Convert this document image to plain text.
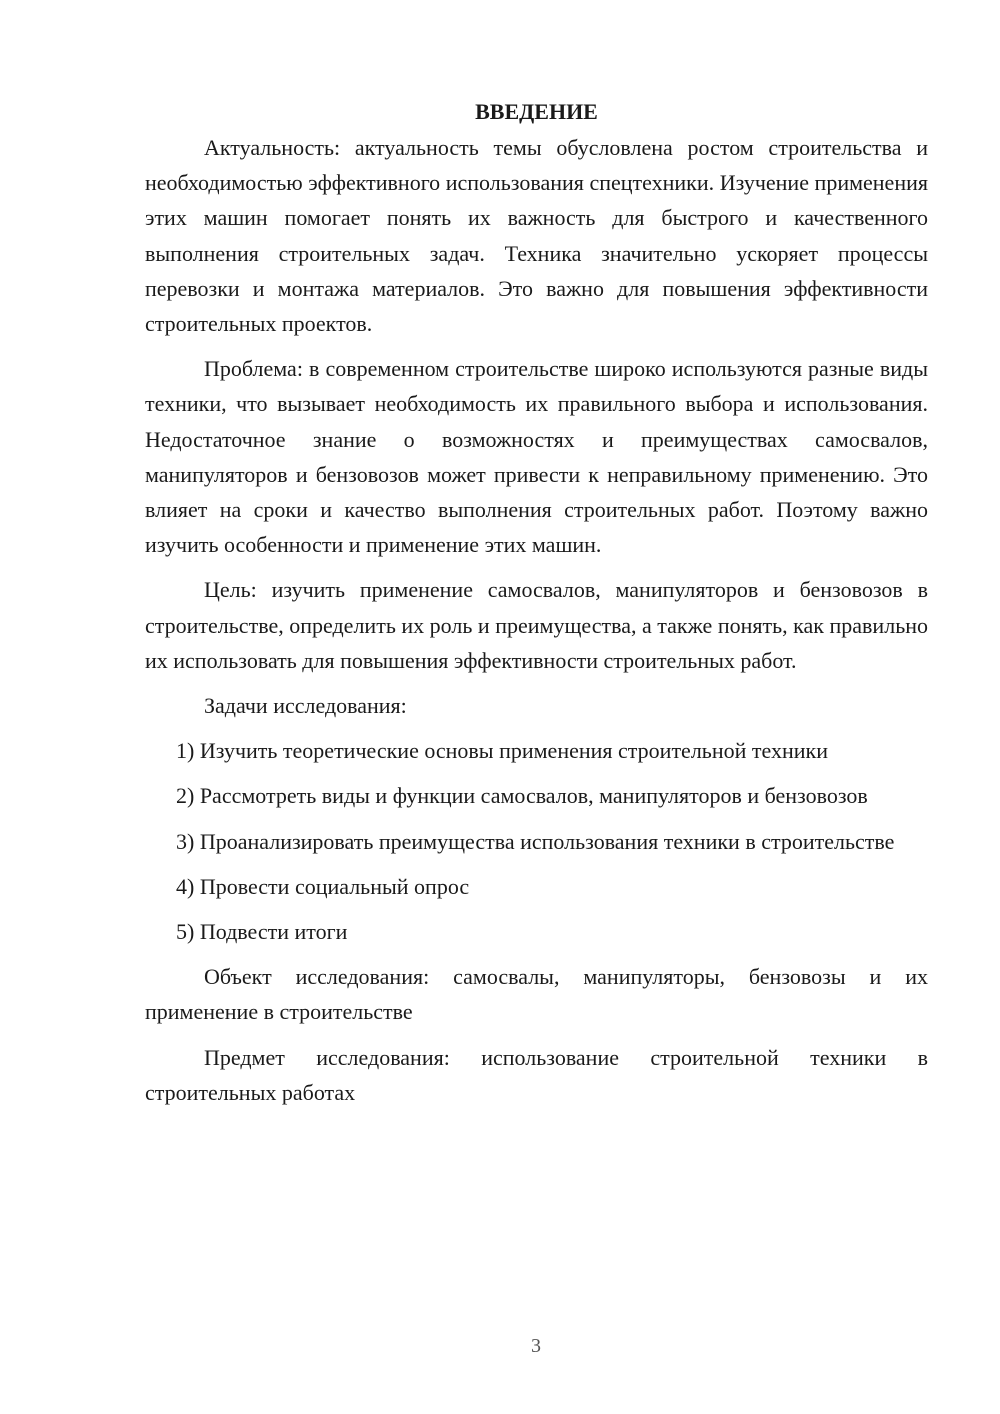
ВВЕДЕНИЕ

Актуальность: актуальность темы обусловлена ростом строительства и необходимостью эффективного использования спецтехники. Изучение применения этих машин помогает понять их важность для быстрого и качественного выполнения строительных задач. Техника значительно ускоряет процессы перевозки и монтажа материалов. Это важно для повышения эффективности строительных проектов.

Проблема: в современном строительстве широко используются разные виды техники, что вызывает необходимость их правильного выбора и использования. Недостаточное знание о возможностях и преимуществах самосвалов, манипуляторов и бензовозов может привести к неправильному применению. Это влияет на сроки и качество выполнения строительных работ. Поэтому важно изучить особенности и применение этих машин.

Цель: изучить применение самосвалов, манипуляторов и бензовозов в строительстве, определить их роль и преимущества, а также понять, как правильно их использовать для повышения эффективности строительных работ.

Задачи исследования:

1) Изучить теоретические основы применения строительной техники

2) Рассмотреть виды и функции самосвалов, манипуляторов и бензовозов

3) Проанализировать преимущества использования техники в строительстве

4) Провести социальный опрос

5) Подвести итоги

Объект исследования: самосвалы, манипуляторы, бензовозы и их применение в строительстве

Предмет исследования: использование строительной техники в строительных работах

3
